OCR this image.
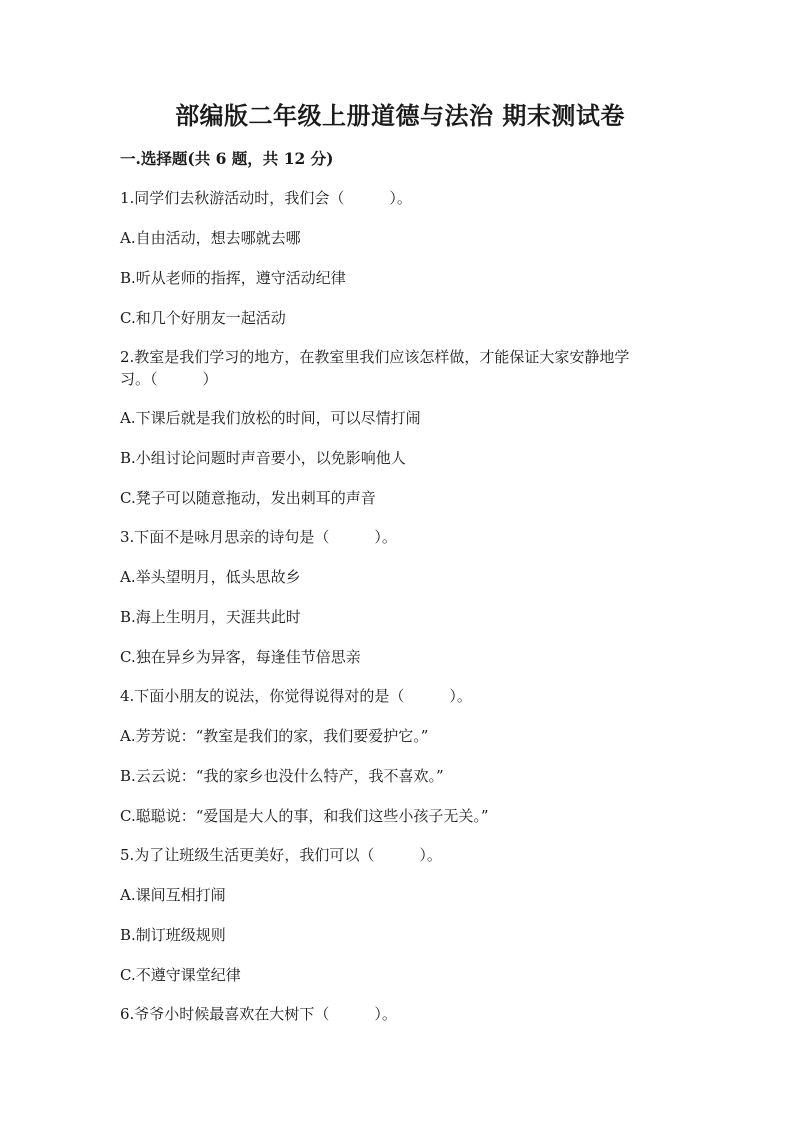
部编版二年级上册道德与法治 期末测试卷
一.选择题(共 6 题，共 12 分)

1.同学们去秋游活动时，我们会（　　　）。

A.自由活动，想去哪就去哪

B.听从老师的指挥，遵守活动纪律

C.和几个好朋友一起活动

2.教室是我们学习的地方，在教室里我们应该怎样做，才能保证大家安静地学

习。（　　　）

A.下课后就是我们放松的时间，可以尽情打闹

B.小组讨论问题时声音要小，以免影响他人

C.凳子可以随意拖动，发出刺耳的声音

3.下面不是咏月思亲的诗句是（　　　）。

A.举头望明月，低头思故乡

B.海上生明月，天涯共此时

C.独在异乡为异客，每逢佳节倍思亲

4.下面小朋友的说法，你觉得说得对的是（　　　）。

A.芳芳说：“教室是我们的家，我们要爱护它。”

B.云云说：“我的家乡也没什么特产，我不喜欢。”

C.聪聪说：“爱国是大人的事，和我们这些小孩子无关。”

5.为了让班级生活更美好，我们可以（　　　）。

A.课间互相打闹

B.制订班级规则

C.不遵守课堂纪律

6.爷爷小时候最喜欢在大树下（　　　）。
